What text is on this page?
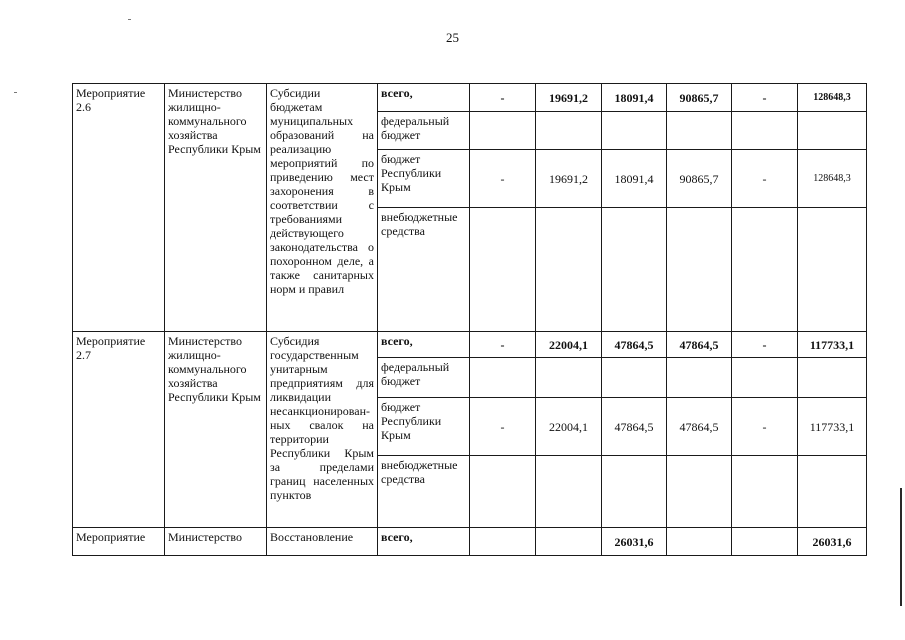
25
Мероприятие 2.6	Министерство жилищно-коммунального хозяйства Республики Крым	Субсидии бюджетам муниципальных образований на реализацию мероприятий по приведению мест захоронения в соответствии с требованиями действующего законодательства о похоронном деле, а также санитарных норм и правил	всего,	-	19691,2	18091,4	90865,7	-	128648,3
			федеральный бюджет						
			бюджет Республики Крым	-	19691,2	18091,4	90865,7	-	128648,3
			внебюджетные средства						
Мероприятие 2.7	Министерство жилищно-коммунального хозяйства Республики Крым	Субсидия государственным унитарным предприятиям для ликвидации несанкционирован-ных свалок на территории Республики Крым за пределами границ населенных пунктов	всего,	-	22004,1	47864,5	47864,5	-	117733,1
			федеральный бюджет						
			бюджет Республики Крым	-	22004,1	47864,5	47864,5	-	117733,1
			внебюджетные средства						
Мероприятие	Министерство	Восстановление	всего,			26031,6			26031,6
